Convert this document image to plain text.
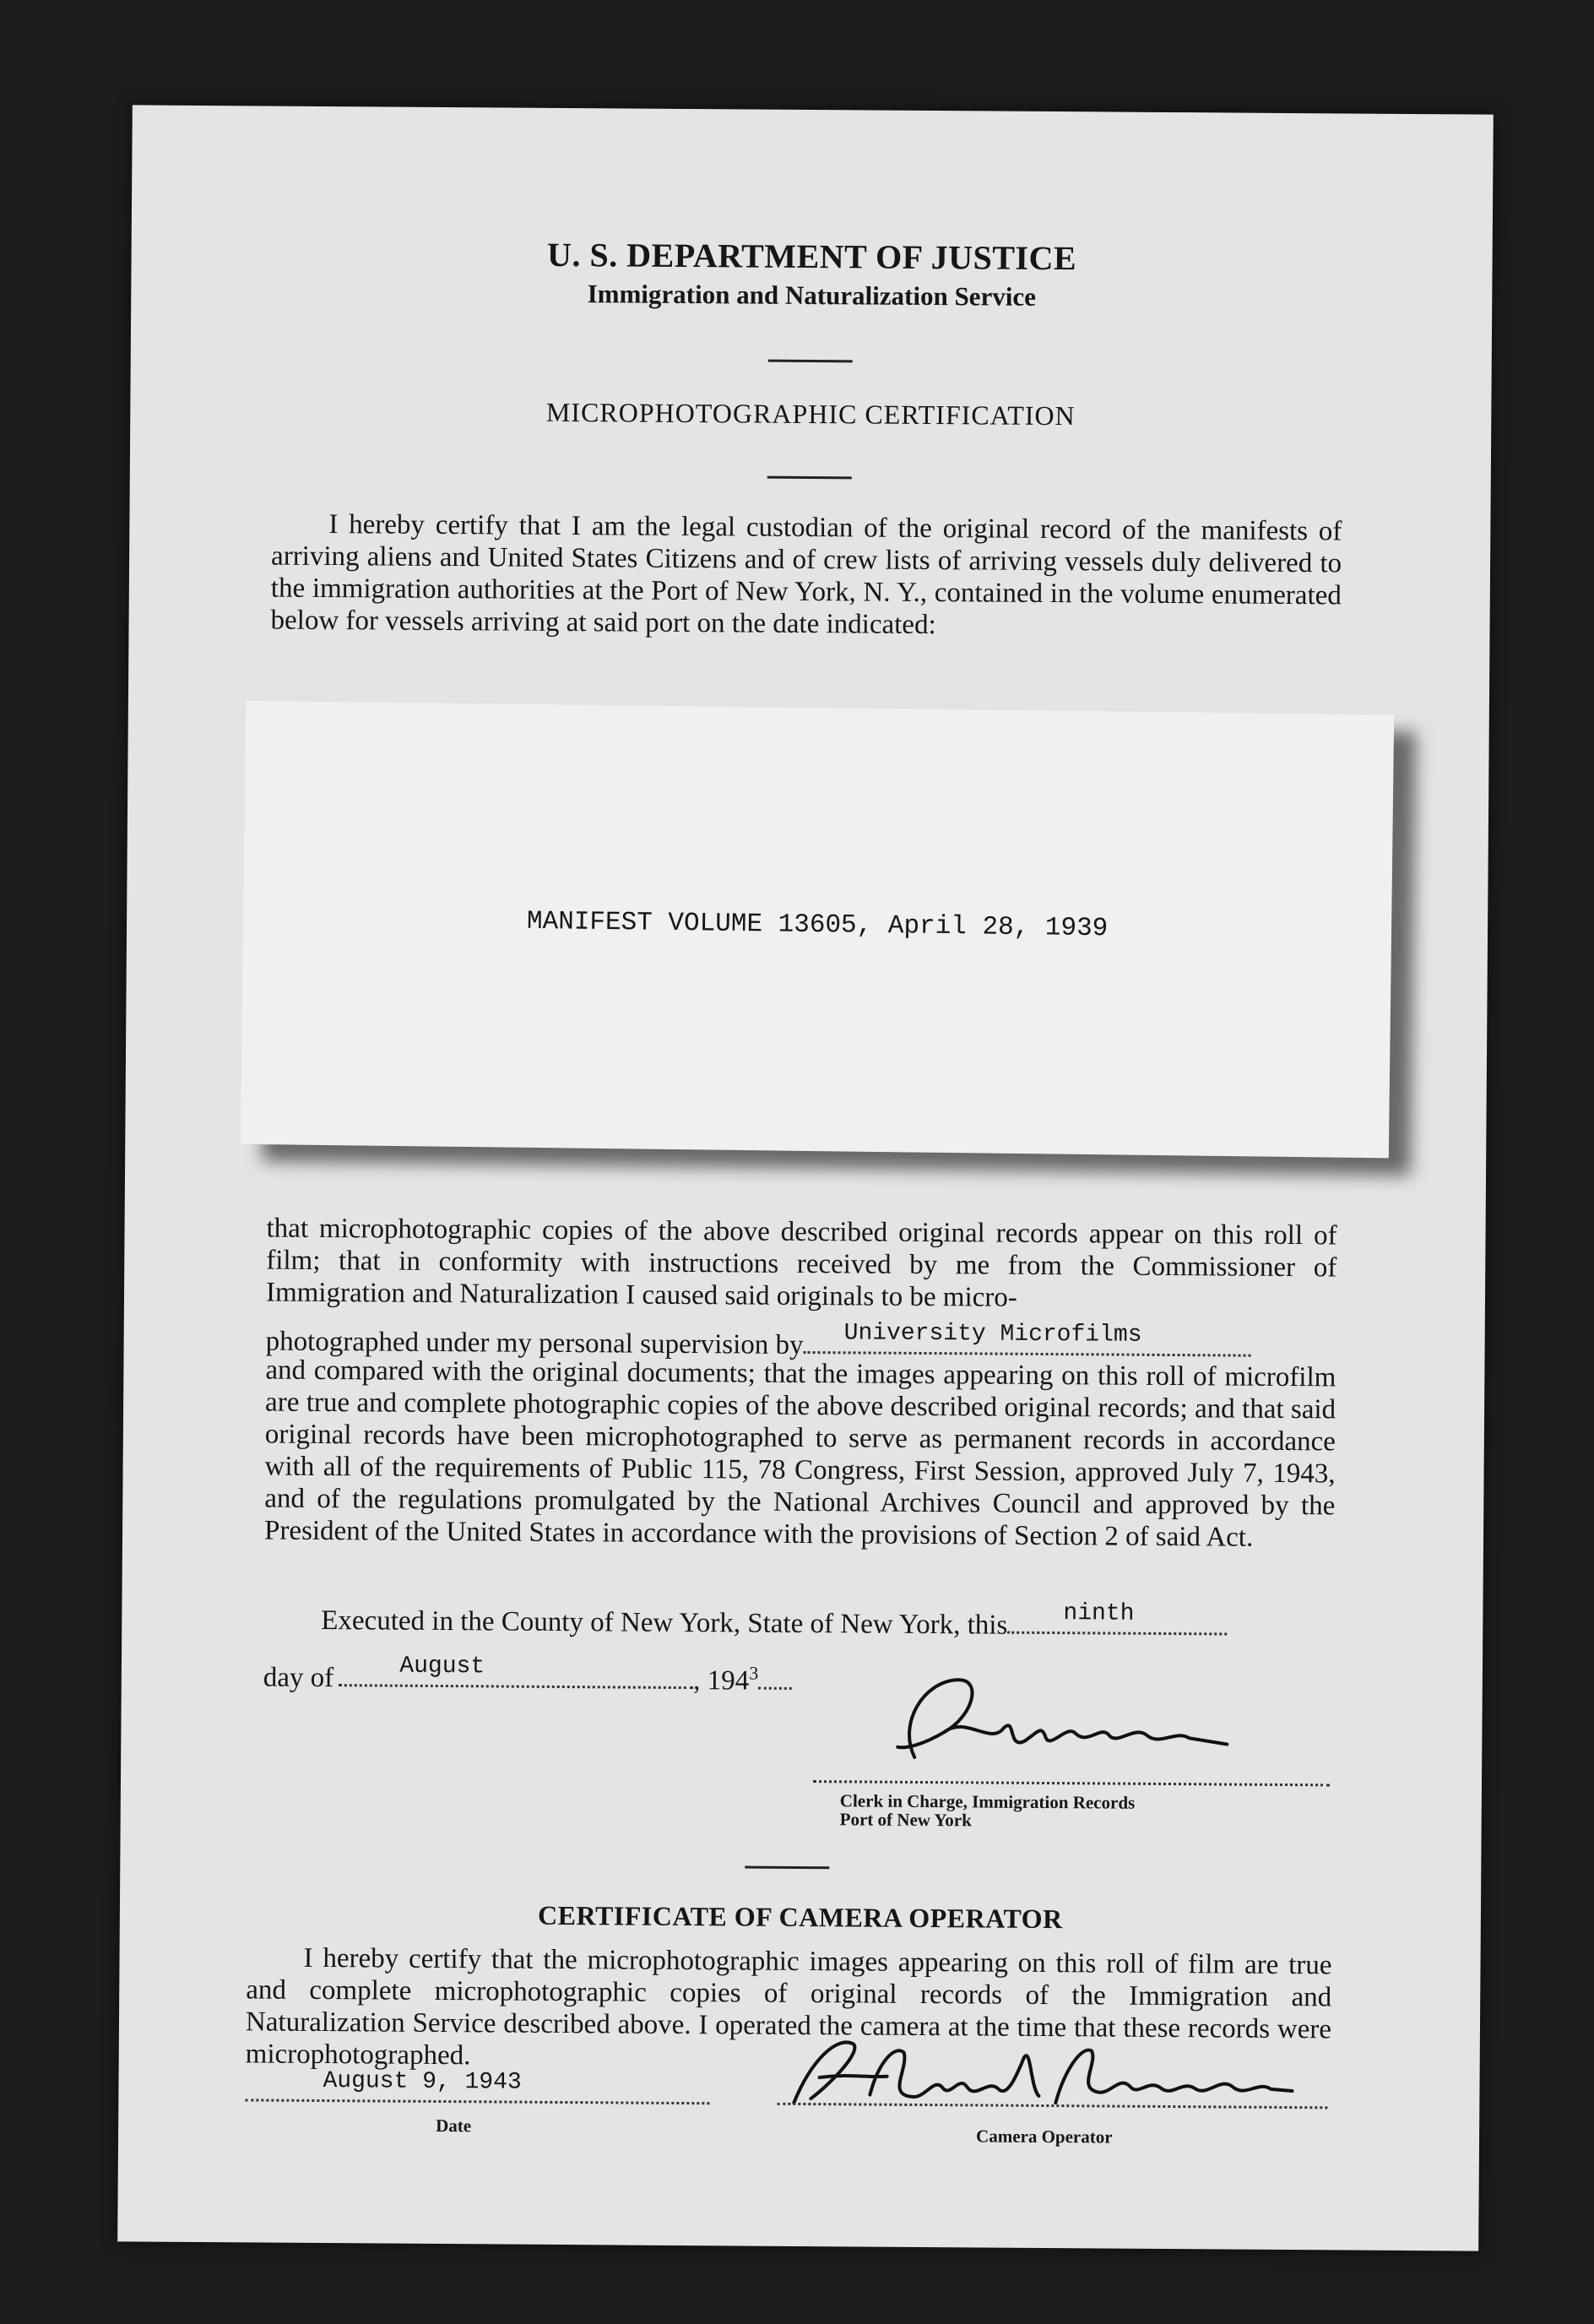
U. S. DEPARTMENT OF JUSTICE
Immigration and Naturalization Service
MICROPHOTOGRAPHIC CERTIFICATION

I hereby certify that I am the legal custodian of the original record of the manifests of arriving aliens and United States Citizens and of crew lists of arriving vessels duly delivered to the immigration authorities at the Port of New York, N. Y., contained in the volume enumerated below for vessels arriving at said port on the date indicated:

MANIFEST VOLUME 13605, April 28, 1939

that microphotographic copies of the above described original records appear on this roll of film; that in conformity with instructions received by me from the Commissioner of Immigration and Naturalization I caused said originals to be micro-

photographed under my personal supervision by University Microfilms

and compared with the original documents; that the images appearing on this roll of microfilm are true and complete photographic copies of the above described original records; and that said original records have been microphotographed to serve as permanent records in accordance with all of the requirements of Public 115, 78 Congress, First Session, approved July 7, 1943, and of the regulations promulgated by the National Archives Council and approved by the President of the United States in accordance with the provisions of Section 2 of said Act.

Executed in the County of New York, State of New York, this ninth
day of	August	, $194^3$
Clerk in Charge, Immigration Records
Port of New York
CERTIFICATE OF CAMERA OPERATOR

I hereby certify that the microphotographic images appearing on this roll of film are true and complete microphotographic copies of original records of the Immigration and Naturalization Service described above. I operated the camera at the time that these records were microphotographed.

August 9, 1943
Date
Camera Operator
